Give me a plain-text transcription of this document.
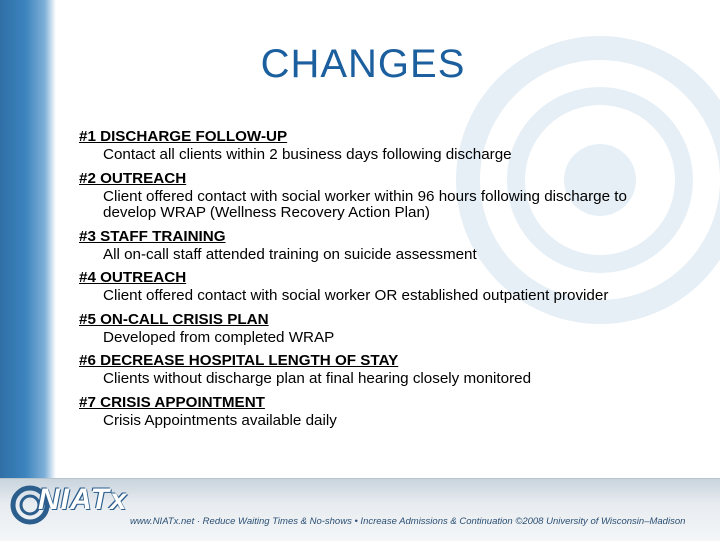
CHANGES

#1 DISCHARGE FOLLOW-UP

Contact all clients within 2 business days following discharge

#2 OUTREACH

Client offered contact with social worker within 96 hours following discharge to develop WRAP (Wellness Recovery Action Plan)

#3 STAFF TRAINING

All on-call staff attended training on suicide assessment

#4 OUTREACH

Client offered contact with social worker OR established outpatient provider

#5 ON-CALL CRISIS PLAN

Developed from completed WRAP

#6 DECREASE HOSPITAL LENGTH OF STAY

Clients without discharge plan at final hearing closely monitored

#7 CRISIS APPOINTMENT

Crisis Appointments available daily

NIATx
www.NIATx.net · Reduce Waiting Times & No-shows • Increase Admissions & Continuation ©2008 University of Wisconsin–Madison
